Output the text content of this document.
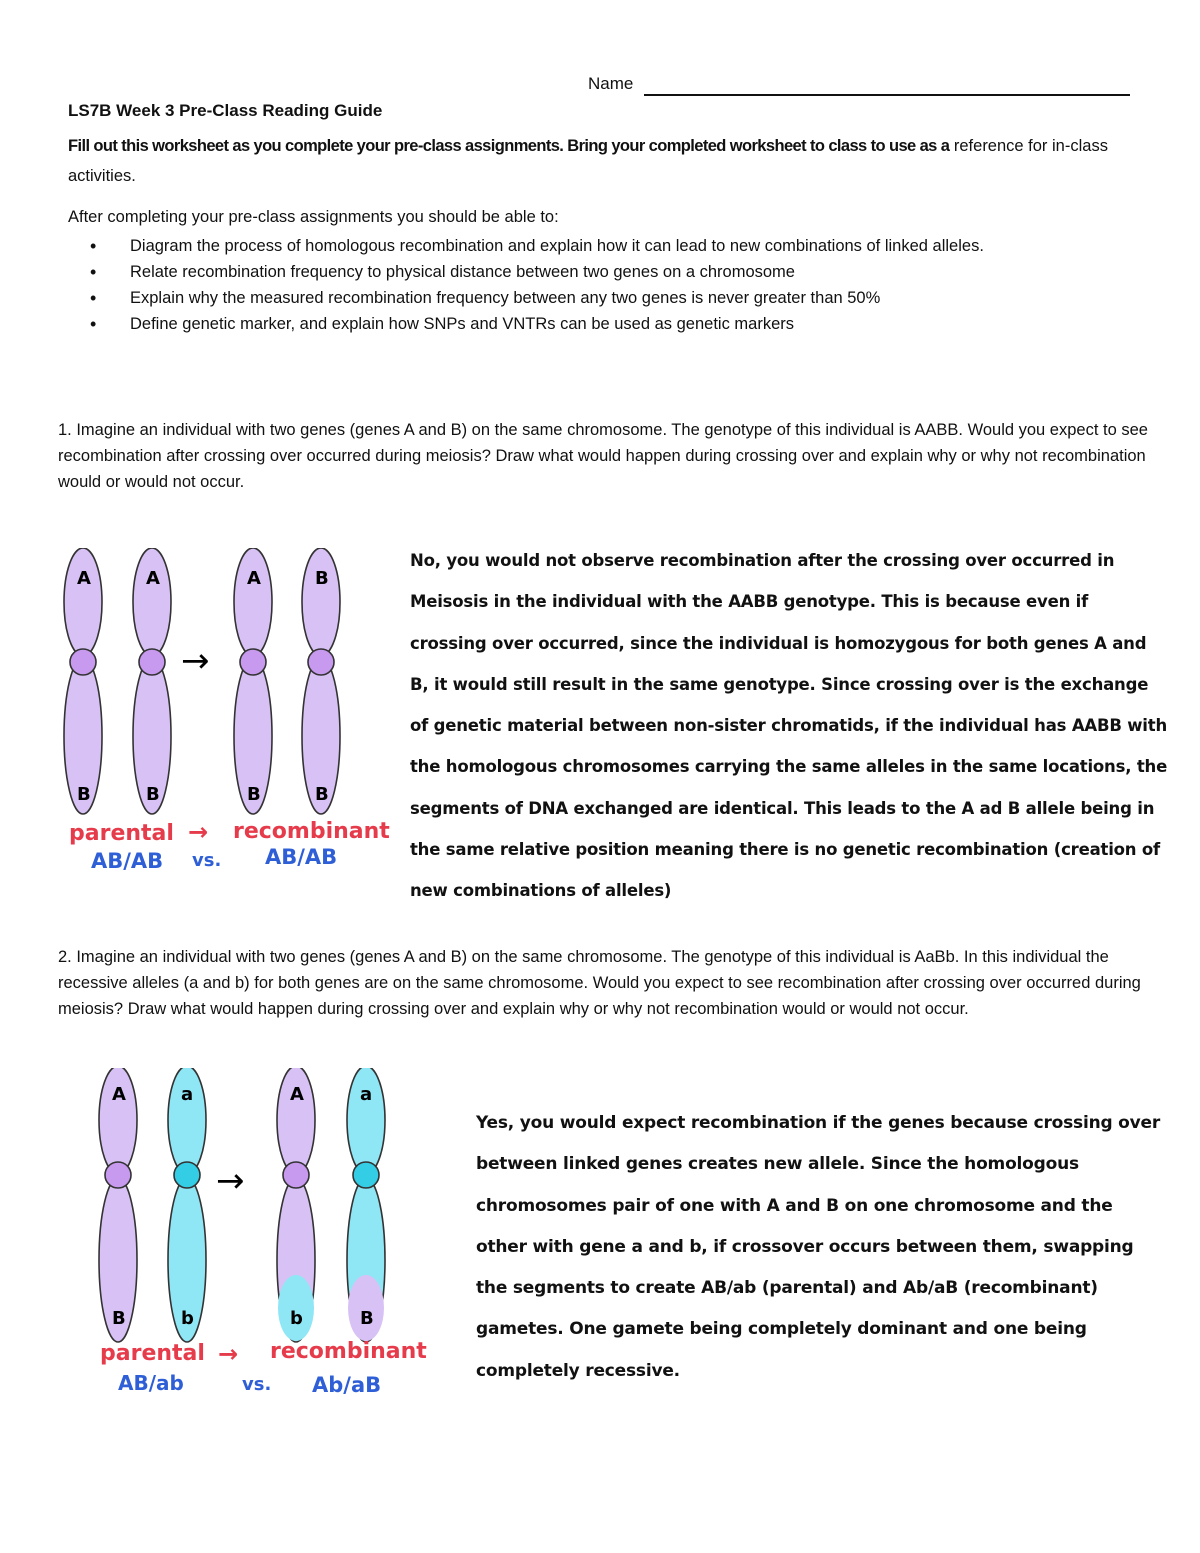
Name
LS7B Week 3 Pre-Class Reading Guide
Fill out this worksheet as you complete your pre-class assignments. Bring your completed worksheet to class to use as a reference for in-class activities.
After completing your pre-class assignments you should be able to:
• Diagram the process of homologous recombination and explain how it can lead to new combinations of linked alleles.
• Relate recombination frequency to physical distance between two genes on a chromosome
• Explain why the measured recombination frequency between any two genes is never greater than 50%
• Define genetic marker, and explain how SNPs and VNTRs can be used as genetic markers
1. Imagine an individual with two genes (genes A and B) on the same chromosome. The genotype of this individual is AABB. Would you expect to see recombination after crossing over occurred during meiosis? Draw what would happen during crossing over and explain why or why not recombination would or would not occur.
A
B
A
B
→
A
B
B
B
parental → recombinant
AB/AB vs. AB/AB
No, you would not observe recombination after the crossing over occurred in Meisosis in the individual with the AABB genotype. This is because even if crossing over occurred, since the individual is homozygous for both genes A and B, it would still result in the same genotype. Since crossing over is the exchange of genetic material between non-sister chromatids, if the individual has AABB with the homologous chromosomes carrying the same alleles in the same locations, the segments of DNA exchanged are identical. This leads to the A ad B allele being in the same relative position meaning there is no genetic recombination (creation of new combinations of alleles)
2. Imagine an individual with two genes (genes A and B) on the same chromosome. The genotype of this individual is AaBb. In this individual the recessive alleles (a and b) for both genes are on the same chromosome. Would you expect to see recombination after crossing over occurred during meiosis? Draw what would happen during crossing over and explain why or why not recombination would or would not occur.
A
B
a
b
→
A
b
a
B
parental → recombinant
AB/ab	vs. Ab/aB
Yes, you would expect recombination if the genes because crossing over between linked genes creates new allele. Since the homologous chromosomes pair of one with A and B on one chromosome and the other with gene a and b, if crossover occurs between them, swapping the segments to create AB/ab (parental) and Ab/aB (recombinant) gametes. One gamete being completely dominant and one being completely recessive.
